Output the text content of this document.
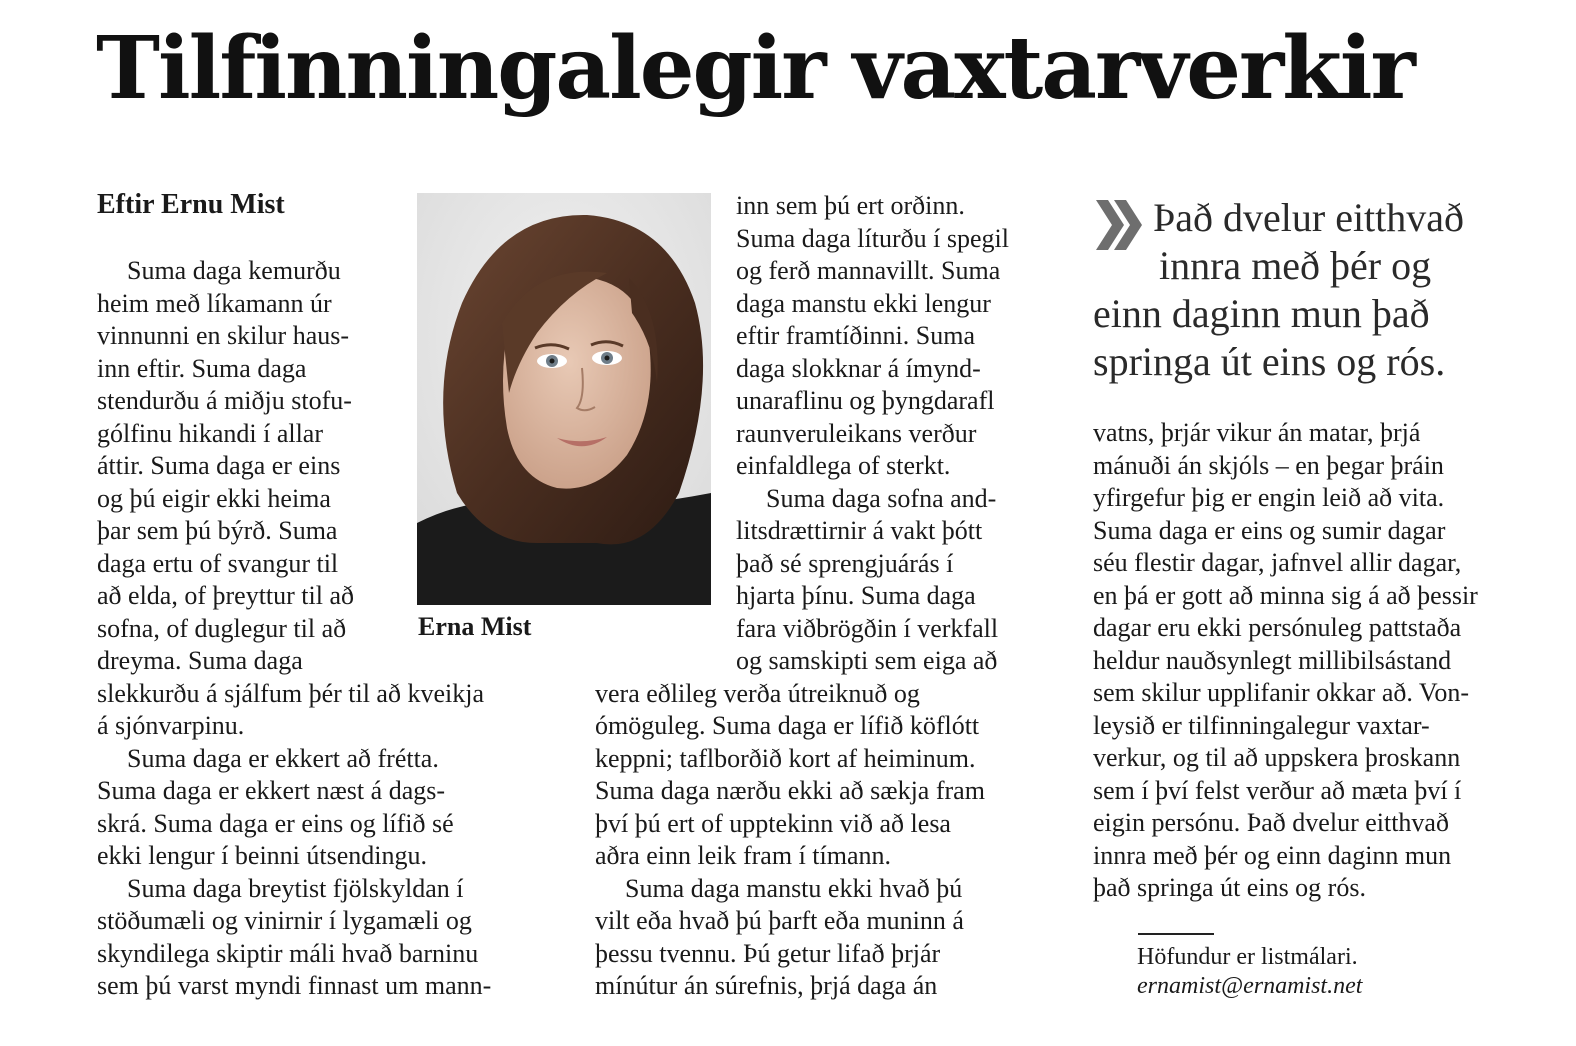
Tilfinningalegir vaxtarverkir

Eftir Ernu Mist

Erna Mist

Suma daga kemurðu

heim með líkamann úr

vinnunni en skilur haus-

inn eftir. Suma daga

stendurðu á miðju stofu-

gólfinu hikandi í allar

áttir. Suma daga er eins

og þú eigir ekki heima

þar sem þú býrð. Suma

daga ertu of svangur til

að elda, of þreyttur til að

sofna, of duglegur til að

dreyma. Suma daga

slekkurðu á sjálfum þér til að kveikja

á sjónvarpinu.

Suma daga er ekkert að frétta.

Suma daga er ekkert næst á dags-

skrá. Suma daga er eins og lífið sé

ekki lengur í beinni útsendingu.

Suma daga breytist fjölskyldan í

stöðumæli og vinirnir í lygamæli og

skyndilega skiptir máli hvað barninu

sem þú varst myndi finnast um mann-

inn sem þú ert orðinn.

Suma daga líturðu í spegil

og ferð mannavillt. Suma

daga manstu ekki lengur

eftir framtíðinni. Suma

daga slokknar á ímynd-

unaraflinu og þyngdarafl

raunveruleikans verður

einfaldlega of sterkt.

Suma daga sofna and-

litsdrættirnir á vakt þótt

það sé sprengjuárás í

hjarta þínu. Suma daga

fara viðbrögðin í verkfall

og samskipti sem eiga að

vera eðlileg verða útreiknuð og

ómöguleg. Suma daga er lífið köflótt

keppni; taflborðið kort af heiminum.

Suma daga nærðu ekki að sækja fram

því þú ert of upptekinn við að lesa

aðra einn leik fram í tímann.

Suma daga manstu ekki hvað þú

vilt eða hvað þú þarft eða muninn á

þessu tvennu. Þú getur lifað þrjár

mínútur án súrefnis, þrjá daga án

Það dvelur eitthvað

innra með þér og

einn daginn mun það

springa út eins og rós.

vatns, þrjár vikur án matar, þrjá

mánuði án skjóls – en þegar þráin

yfirgefur þig er engin leið að vita.

Suma daga er eins og sumir dagar

séu flestir dagar, jafnvel allir dagar,

en þá er gott að minna sig á að þessir

dagar eru ekki persónuleg pattstaða

heldur nauðsynlegt millibilsástand

sem skilur upplifanir okkar að. Von-

leysið er tilfinningalegur vaxtar-

verkur, og til að uppskera þroskann

sem í því felst verður að mæta því í

eigin persónu. Það dvelur eitthvað

innra með þér og einn daginn mun

það springa út eins og rós.

Höfundur er listmálari.

ernamist@ernamist.net
